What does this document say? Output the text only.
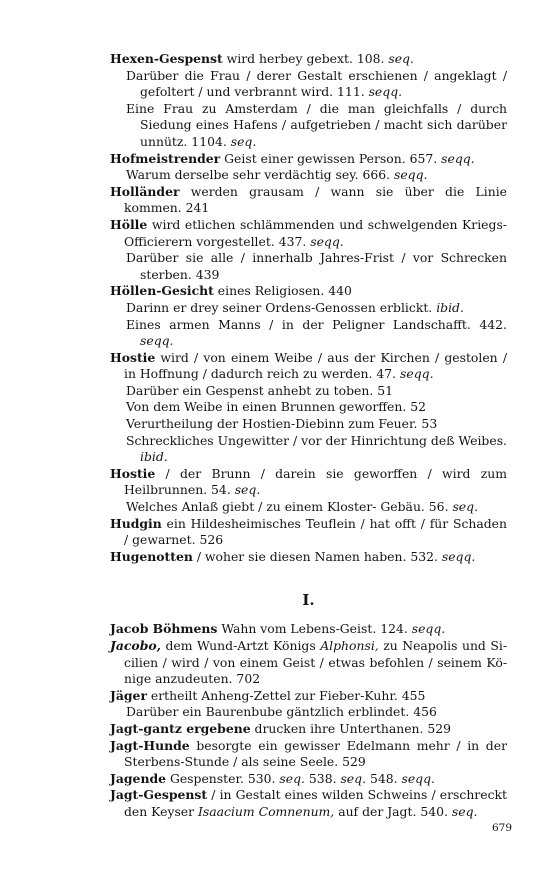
Hexen-Gespenst wird herbey gebext. 108. seq.
Darüber die Frau / derer Gestalt erschienen / angeklagt / gefoltert / und verbrannt wird. 111. seqq.
Eine Frau zu Amsterdam / die man gleichfalls / durch Siedung eines Hafens / aufgetrieben / macht sich darüber unnütz. 1104. seq.
Hofmeistrender Geist einer gewissen Person. 657. seqq.
Warum derselbe sehr verdächtig sey. 666. seqq.
Holländer werden grausam / wann sie über die Linie kommen. 241
Hölle wird etlichen schlämmenden und schwelgenden Kriegs-Officierern vorgestellet. 437. seqq.
Darüber sie alle / innerhalb Jahres-Frist / vor Schrecken sterben. 439
Höllen-Gesicht eines Religiosen. 440
Darinn er drey seiner Ordens-Genossen erblickt. ibid.
Eines armen Manns / in der Peligner Landschafft. 442. seqq.
Hostie wird / von einem Weibe / aus der Kirchen / gestolen / in Hoffnung / dadurch reich zu werden. 47. seqq.
Darüber ein Gespenst anhebt zu toben. 51
Von dem Weibe in einen Brunnen geworffen. 52
Verurtheilung der Hostien-Diebinn zum Feuer. 53
Schreckliches Ungewitter / vor der Hinrichtung deß Weibes. ibid.
Hostie / der Brunn / darein sie geworffen / wird zum Heilbrunnen. 54. seq.
Welches Anlaß giebt / zu einem Kloster- Gebäu. 56. seq.
Hudgin ein Hildesheimisches Teuflein / hat offt / für Schaden / gewarnet. 526
Hugenotten / woher sie diesen Namen haben. 532. seqq.
I.
Jacob Böhmens Wahn vom Lebens-Geist. 124. seqq.
Jacobo, dem Wund-Artzt Königs Alphonsi, zu Neapolis und Sicilien / wird / von einem Geist / etwas befohlen / seinem Könige anzudeuten. 702
Jäger ertheilt Anheng-Zettel zur Fieber-Kuhr. 455
Darüber ein Baurenbube gäntzlich erblindet. 456
Jagt-gantz ergebene drucken ihre Unterthanen. 529
Jagt-Hunde besorgte ein gewisser Edelmann mehr / in der Sterbens-Stunde / als seine Seele. 529
Jagende Gespenster. 530. seq. 538. seq. 548. seqq.
Jagt-Gespenst / in Gestalt eines wilden Schweins / erschreckt den Keyser Isaacium Comnenum, auf der Jagt. 540. seq.
679
